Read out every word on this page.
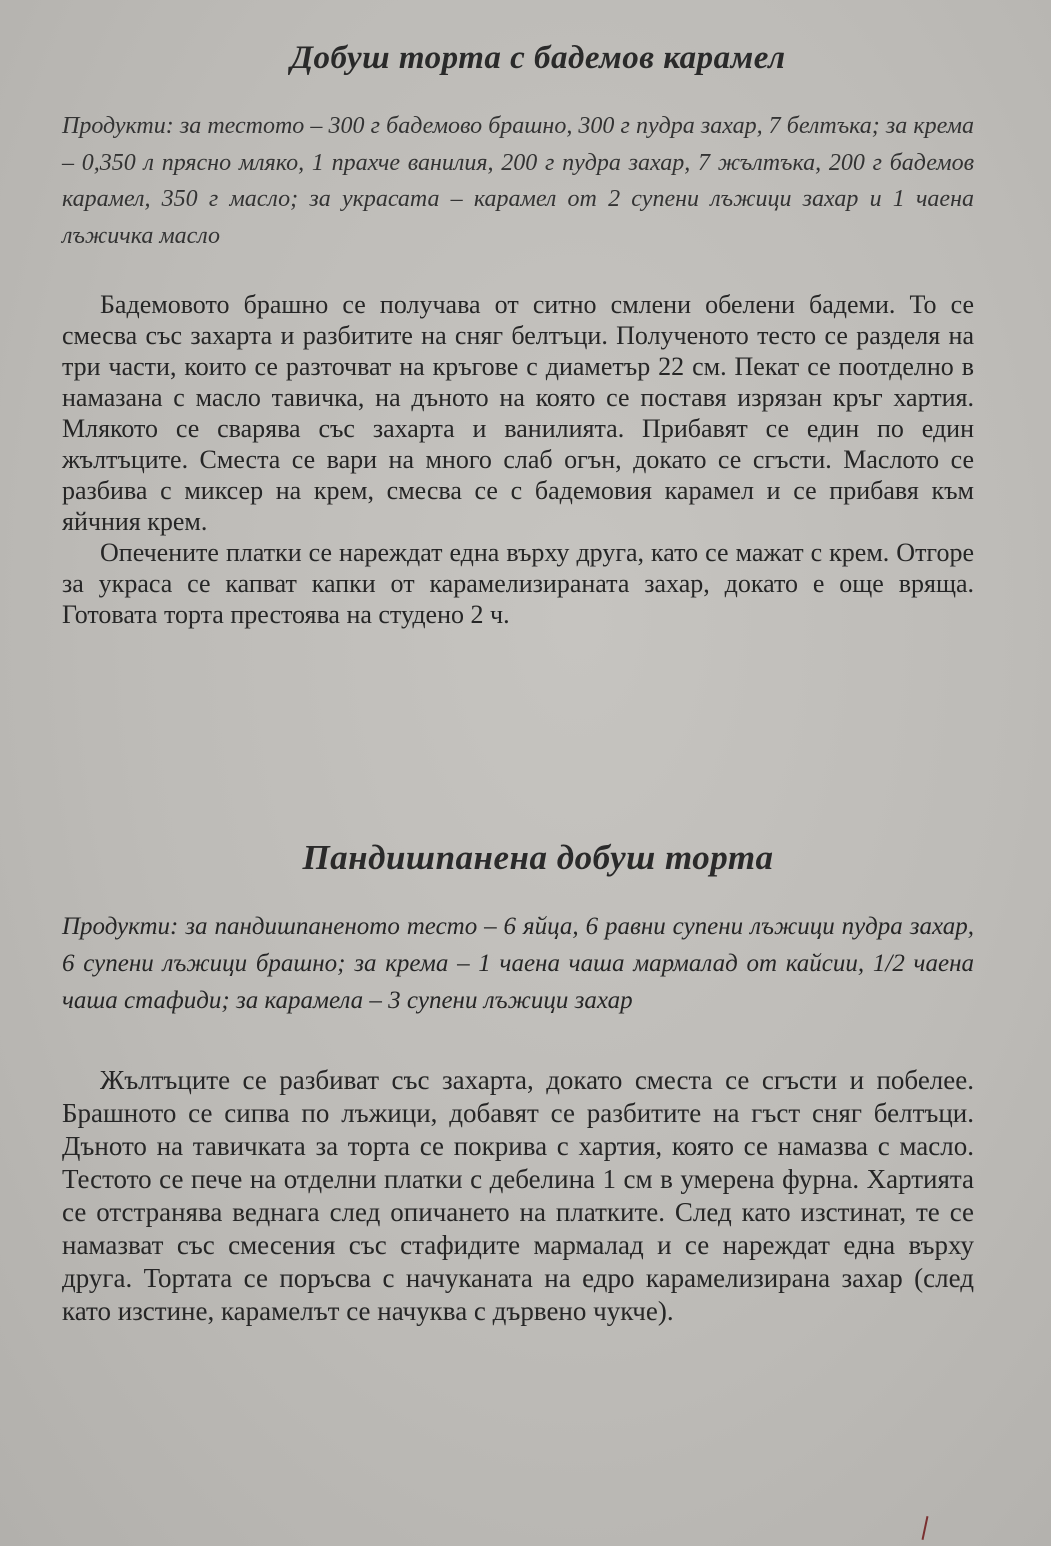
Добуш торта с бадемов карамел

Продукти: за тестото – 300 г бадемово брашно, 300 г пудра захар, 7 белтъка; за крема – 0,350 л прясно мляко, 1 прахче ванилия, 200 г пудра захар, 7 жълтъка, 200 г бадемов карамел, 350 г масло; за украсата – карамел от 2 супени лъжици захар и 1 чаена лъжичка масло

Бадемовото брашно се получава от ситно смлени обелени бадеми. То се смесва със захарта и разбитите на сняг белтъци. Полученото тесто се разделя на три части, които се разточват на кръгове с диаметър 22 см. Пекат се поотделно в намазана с масло тавичка, на дъното на която се поставя изрязан кръг хартия. Млякото се сварява със захарта и ванилията. Прибавят се един по един жълтъците. Сместа се вари на много слаб огън, докато се сгъсти. Маслото се разбива с миксер на крем, смесва се с бадемовия карамел и се прибавя към яйчния крем.

Опечените платки се нареждат една върху друга, като се мажат с крем. Отгоре за украса се капват капки от карамелизираната захар, докато е още вряща. Готовата торта престоява на студено 2 ч.

Пандишпанена добуш торта

Продукти: за пандишпаненото тесто – 6 яйца, 6 равни супени лъжици пудра захар, 6 супени лъжици брашно; за крема – 1 чаена чаша мармалад от кайсии, 1/2 чаена чаша стафиди; за карамела – 3 супени лъжици захар

Жълтъците се разбиват със захарта, докато сместа се сгъсти и побелее. Брашното се сипва по лъжици, добавят се разбитите на гъст сняг белтъци. Дъното на тавичката за торта се покрива с хартия, която се намазва с масло. Тестото се пече на отделни платки с дебелина 1 см в умерена фурна. Хартията се отстранява веднага след опичането на платките. След като изстинат, те се намазват със смесения със стафидите мармалад и се нареждат една върху друга. Тортата се поръсва с начуканата на едро карамелизирана захар (след като изстине, карамелът се начуква с дървено чукче).
